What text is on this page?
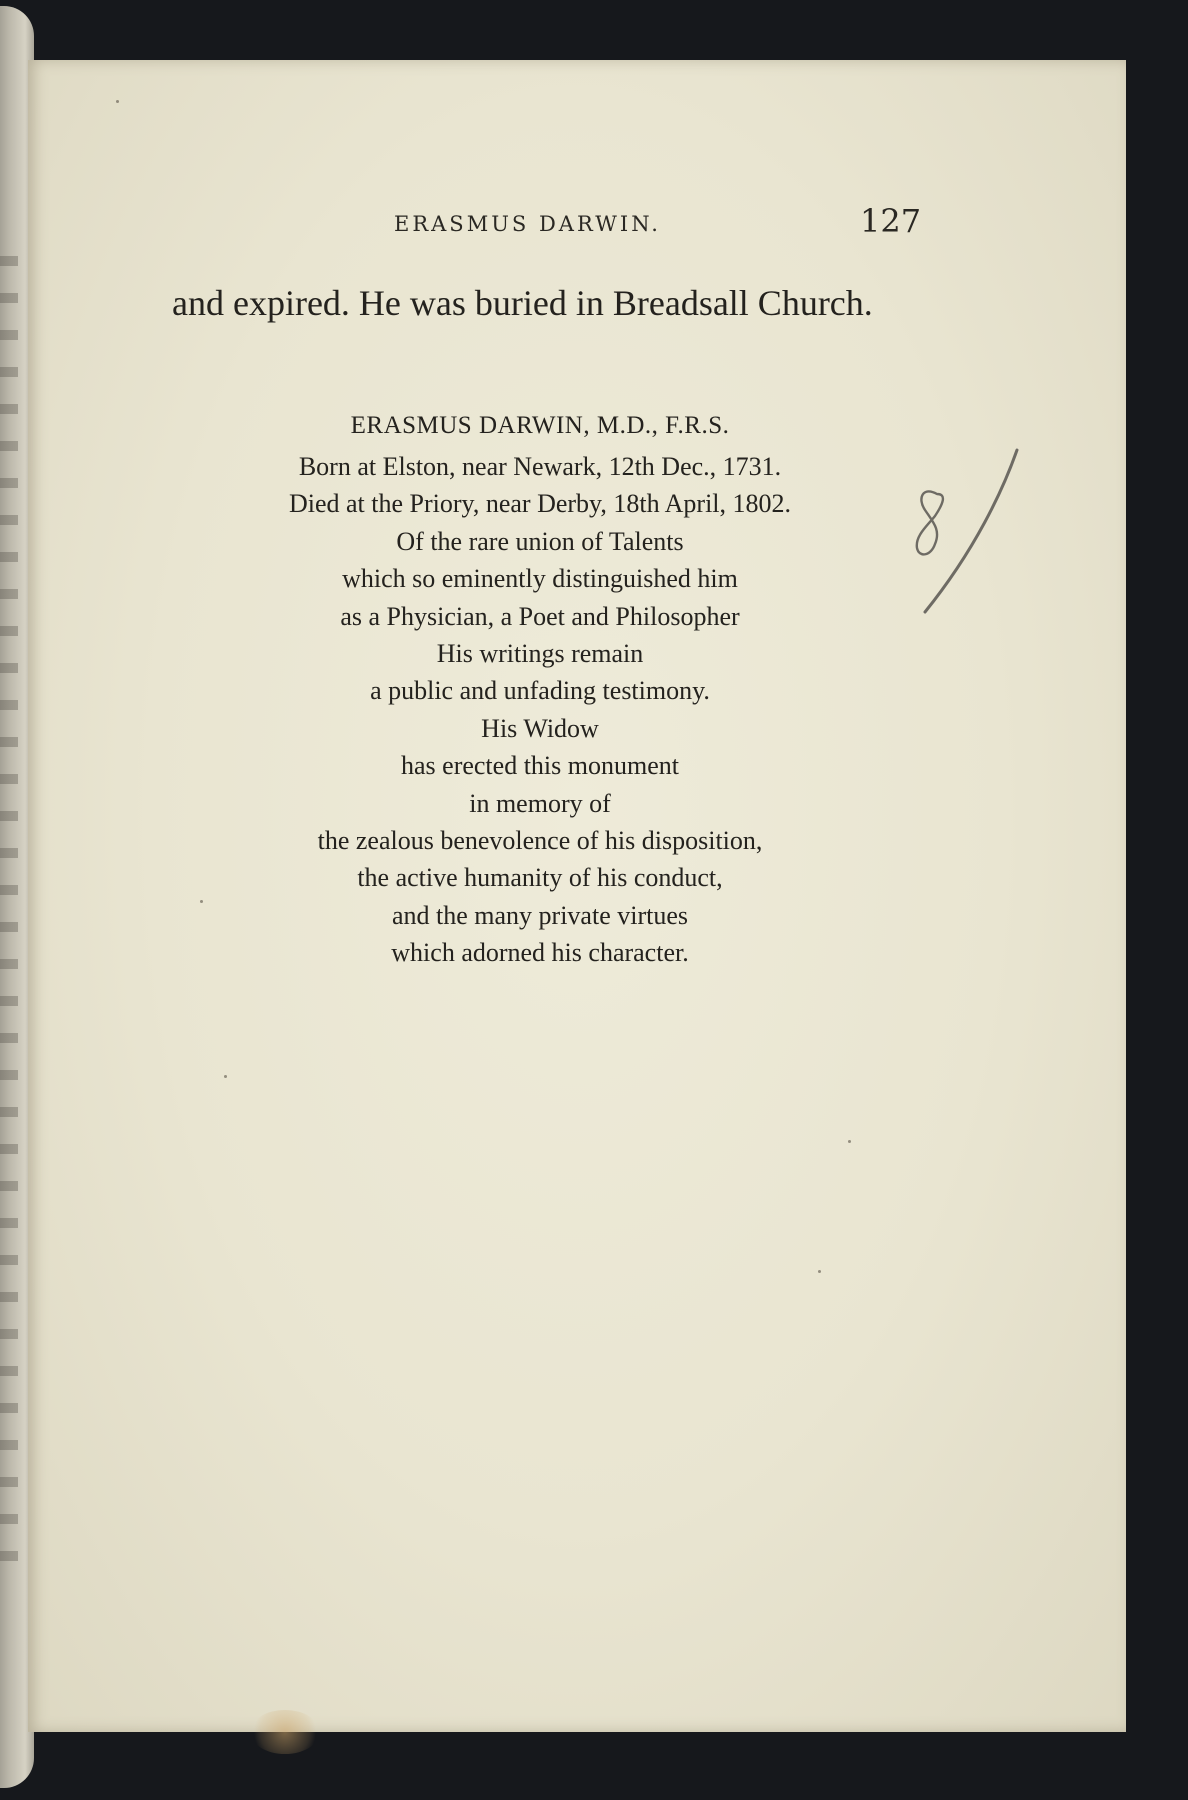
ERASMUS DARWIN.	127

and expired. He was buried in Breadsall Church.

ERASMUS DARWIN, M.D., F.R.S.
Born at Elston, near Newark, 12th Dec., 1731.
Died at the Priory, near Derby, 18th April, 1802.
Of the rare union of Talents
which so eminently distinguished him
as a Physician, a Poet and Philosopher
His writings remain
a public and unfading testimony.
His Widow
has erected this monument
in memory of
the zealous benevolence of his disposition,
the active humanity of his conduct,
and the many private virtues
which adorned his character.
